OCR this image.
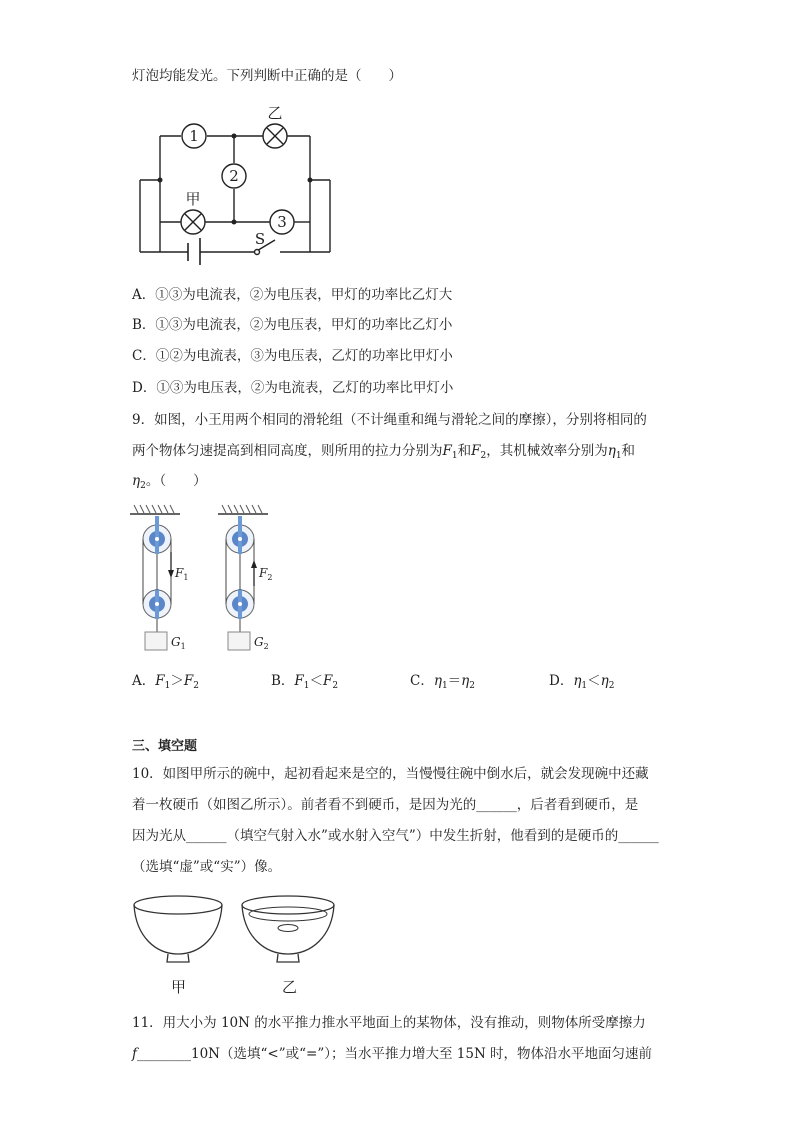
灯泡均能发光。下列判断中正确的是（　　）
1
2
3
乙
甲
S
A．①③为电流表，②为电压表，甲灯的功率比乙灯大
B．①③为电流表，②为电压表，甲灯的功率比乙灯小
C．①②为电流表，③为电压表，乙灯的功率比甲灯小
D．①③为电压表，②为电流表，乙灯的功率比甲灯小
9．如图，小王用两个相同的滑轮组（不计绳重和绳与滑轮之间的摩擦），分别将相同的
两个物体匀速提高到相同高度，则所用的拉力分别为$F_1$和$F_2$，其机械效率分别为$\eta_1$和
$\eta_2$。（　　）
$F_1$	$F_2$
$G_1$	$G_2$
A．$F_1>F_2$	B．$F_1<F_2$	C．$\eta_1=\eta_2$	D．$\eta_1<\eta_2$
三、填空题
10．如图甲所示的碗中，起初看起来是空的，当慢慢往碗中倒水后，就会发现碗中还藏
着一枚硬币（如图乙所示）。前者看不到硬币，是因为光的______，后者看到硬币，是
因为光从______（填空气射入水”或水射入空气”）中发生折射，他看到的是硬币的______
（选填“虚”或“实”）像。
甲	乙
11．用大小为 10N 的水平推力推水平地面上的某物体，没有推动，则物体所受摩擦力
f________10N（选填“<”或“=”）；当水平推力增大至 15N 时，物体沿水平地面匀速前
